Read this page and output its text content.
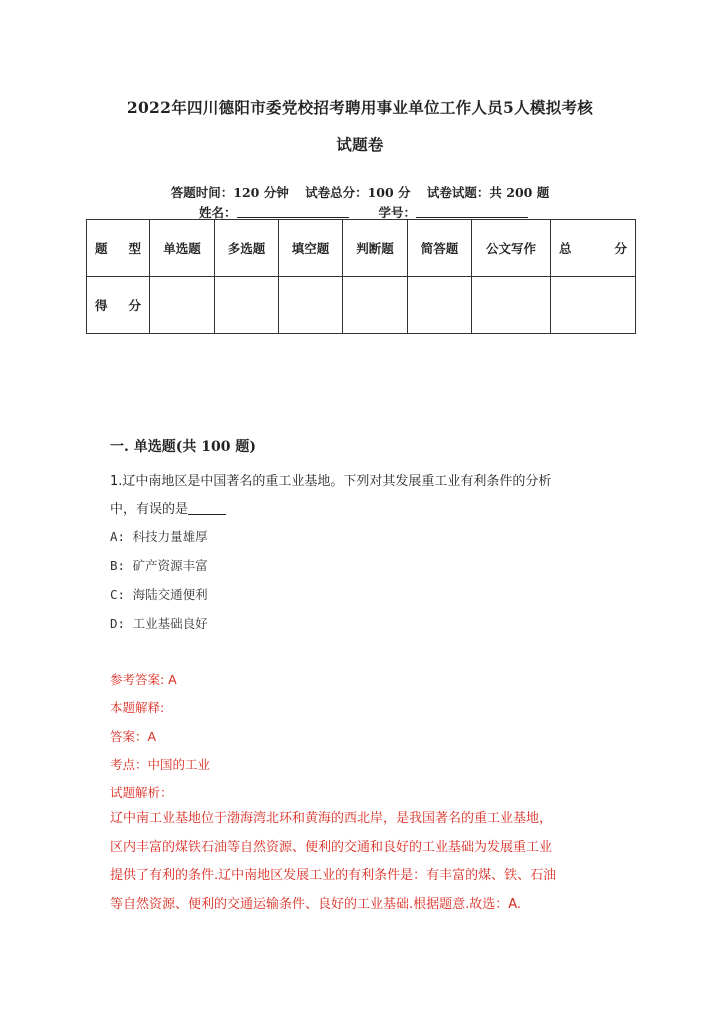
2022年四川德阳市委党校招考聘用事业单位工作人员5人模拟考核
试题卷
答题时间：120 分钟 试卷总分：100 分 试卷试题：共 200 题
姓名：	学号：
题 型	单选题	多选题	填空题	判断题	简答题	公文写作	总 分

得 分							

一. 单选题(共 100 题)
1.辽中南地区是中国著名的重工业基地。下列对其发展重工业有利条件的分析
中，有误的是
A: 科技力量雄厚
B: 矿产资源丰富
C: 海陆交通便利
D: 工业基础良好
参考答案: A
本题解释:
答案：A
考点：中国的工业
试题解析：
辽中南工业基地位于渤海湾北环和黄海的西北岸，是我国著名的重工业基地，
区内丰富的煤铁石油等自然资源、便利的交通和良好的工业基础为发展重工业
提供了有利的条件.辽中南地区发展工业的有利条件是：有丰富的煤、铁、石油
等自然资源、便利的交通运输条件、良好的工业基础.根据题意.故选：A.
